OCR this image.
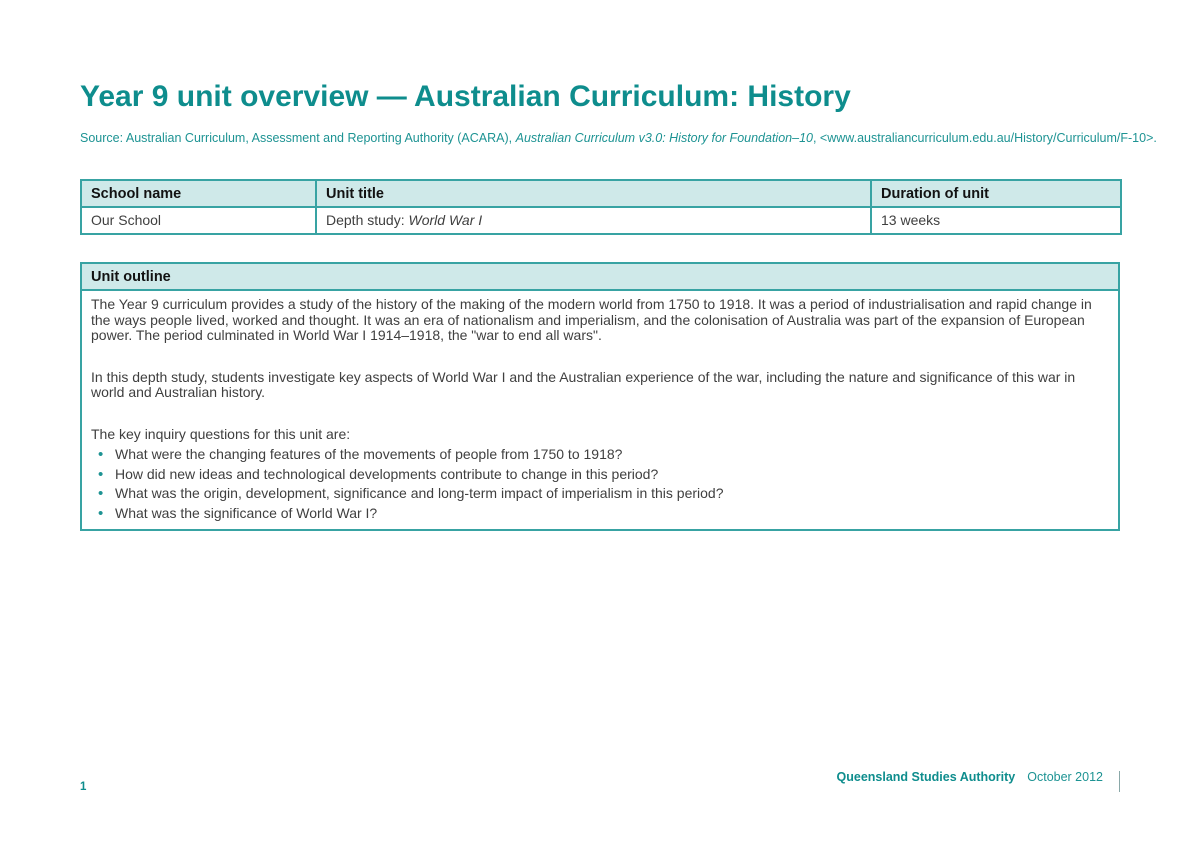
Year 9 unit overview — Australian Curriculum: History
Source: Australian Curriculum, Assessment and Reporting Authority (ACARA), Australian Curriculum v3.0: History for Foundation–10, <www.australiancurriculum.edu.au/History/Curriculum/F-10>.
School name	Unit title	Duration of unit
Our School	Depth study: World War I	13 weeks
Unit outline

The Year 9 curriculum provides a study of the history of the making of the modern world from 1750 to 1918. It was a period of industrialisation and rapid change in the ways people lived, worked and thought. It was an era of nationalism and imperialism, and the colonisation of Australia was part of the expansion of European power. The period culminated in World War I 1914–1918, the "war to end all wars".

In this depth study, students investigate key aspects of World War I and the Australian experience of the war, including the nature and significance of this war in world and Australian history.

The key inquiry questions for this unit are:

• What were the changing features of the movements of people from 1750 to 1918?
• How did new ideas and technological developments contribute to change in this period?
• What was the origin, development, significance and long-term impact of imperialism in this period?
• What was the significance of World War I?
Queensland Studies Authority October 2012
1
